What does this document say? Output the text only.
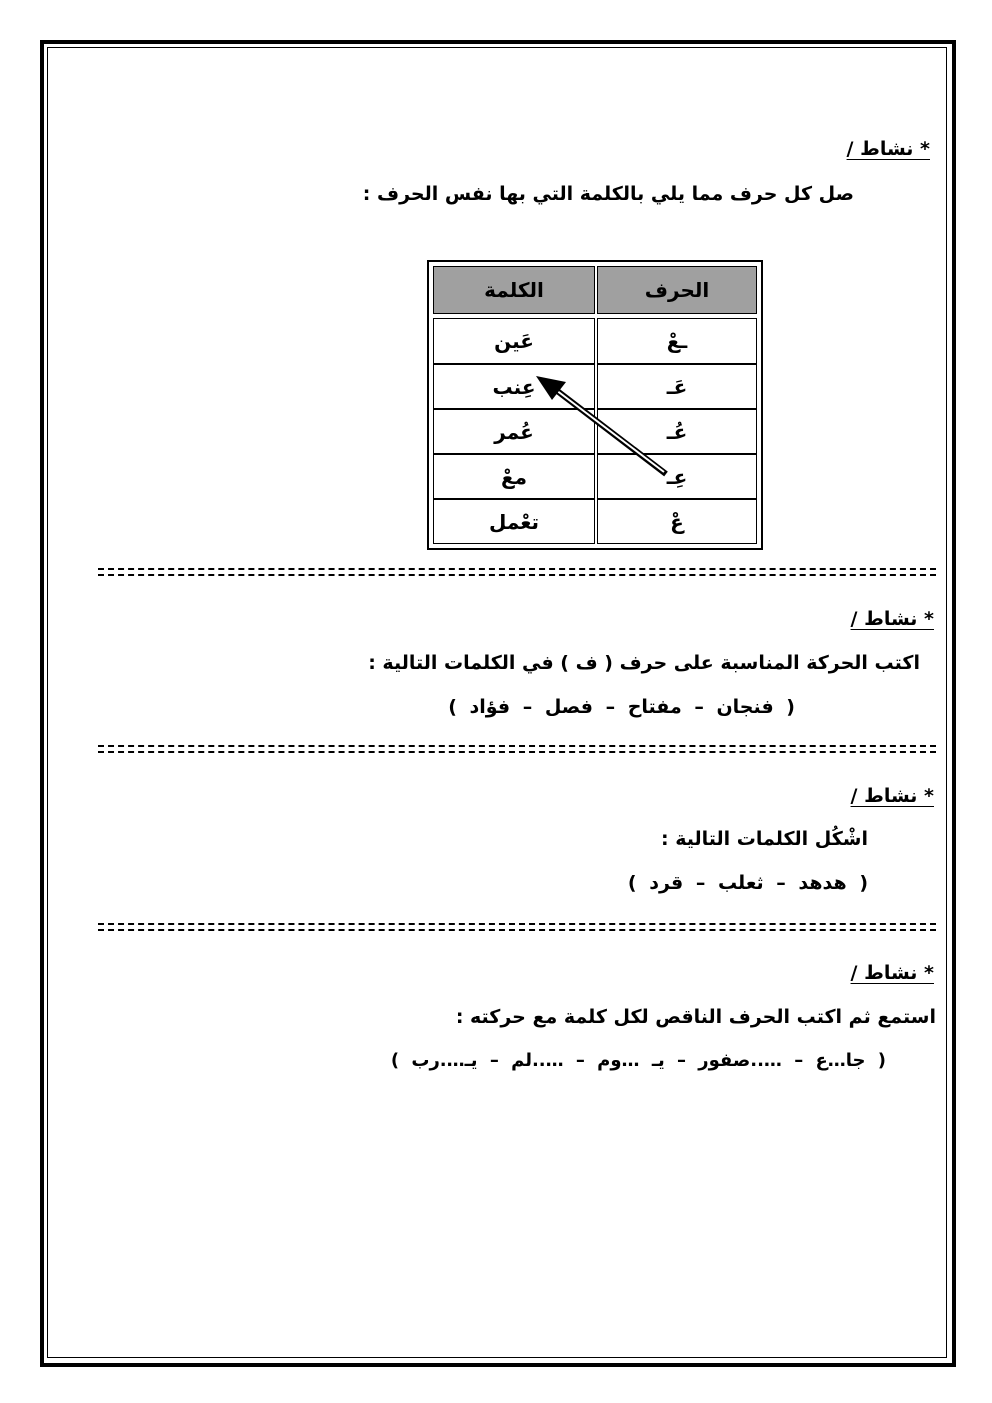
* نشاط /
صل كل حرف مما يلي بالكلمة التي بها نفس الحرف :
الحرف
الكلمة
ـعْ
عَـ
عُـ
عِـ
عْ
عَين
عِنب
عُمر
معْ
تعْمل
* نشاط /
اكتب الحركة المناسبة على حرف ( ف ) في الكلمات التالية :
( فنجان – مفتاح – فصل – فؤاد )
* نشاط /
اشْكُل الكلمات التالية :
( هدهد – ثعلب – قرد )
* نشاط /
استمع ثم اكتب الحرف الناقص لكل كلمة مع حركته :
( جا…ع – …..صفور – يـ …وم – …..لم – يـ….رب )
